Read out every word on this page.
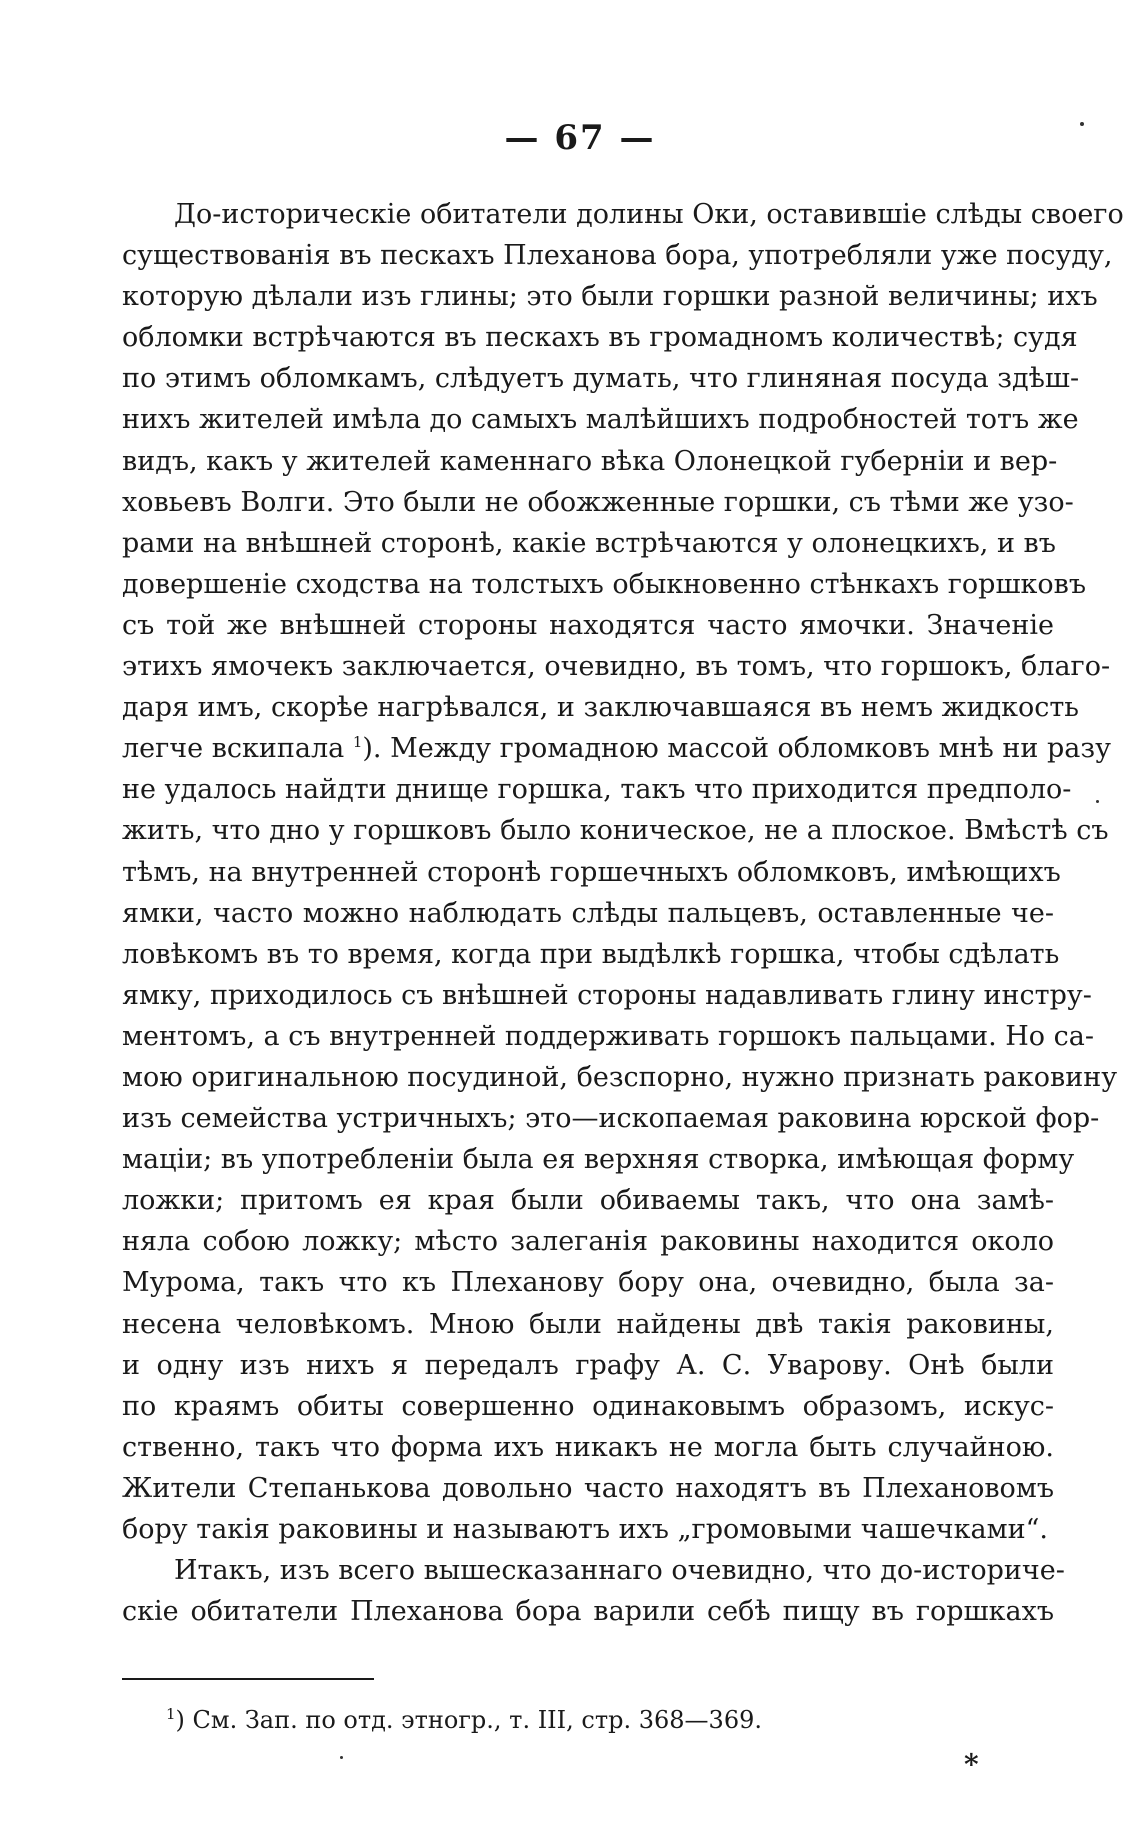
— 67 —

До-историческіе обитатели долины Оки, оставившіе слѣды своего
существованія въ пескахъ Плеханова бора, употребляли уже посуду,
которую дѣлали изъ глины; это были горшки разной величины; ихъ
обломки встрѣчаются въ пескахъ въ громадномъ количествѣ; судя
по этимъ обломкамъ, слѣдуетъ думать, что глиняная посуда здѣш-
нихъ жителей имѣла до самыхъ малѣйшихъ подробностей тотъ же
видъ, какъ у жителей каменнаго вѣка Олонецкой губерніи и вер-
ховьевъ Волги. Это были не обожженные горшки, съ тѣми же узо-
рами на внѣшней сторонѣ, какіе встрѣчаются у олонецкихъ, и въ
довершеніе сходства на толстыхъ обыкновенно стѣнкахъ горшковъ
съ той же внѣшней стороны находятся часто ямочки. Значеніе
этихъ ямочекъ заключается, очевидно, въ томъ, что горшокъ, благо-
даря имъ, скорѣе нагрѣвался, и заключавшаяся въ немъ жидкость
легче вскипала $^1$). Между громадною массой обломковъ мнѣ ни разу
не удалось найдти днище горшка, такъ что приходится предполо-
жить, что дно у горшковъ было коническое, не а плоское. Вмѣстѣ съ
тѣмъ, на внутренней сторонѣ горшечныхъ обломковъ, имѣющихъ
ямки, часто можно наблюдать слѣды пальцевъ, оставленные че-
ловѣкомъ въ то время, когда при выдѣлкѣ горшка, чтобы сдѣлать
ямку, приходилось съ внѣшней стороны надавливать глину инстру-
ментомъ, а съ внутренней поддерживать горшокъ пальцами. Но са-
мою оригинальною посудиной, безспорно, нужно признать раковину
изъ семейства устричныхъ; это—ископаемая раковина юрской фор-
маціи; въ употребленіи была ея верхняя створка, имѣющая форму
ложки; притомъ ея края были обиваемы такъ, что она замѣ-
няла собою ложку; мѣсто залеганія раковины находится около
Мурома, такъ что къ Плеханову бору она, очевидно, была за-
несена человѣкомъ. Мною были найдены двѣ такія раковины,
и одну изъ нихъ я передалъ графу А. С. Уварову. Онѣ были
по краямъ обиты совершенно одинаковымъ образомъ, искус-
ственно, такъ что форма ихъ никакъ не могла быть случайною.
Жители Степанькова довольно часто находятъ въ Плехановомъ
бору такія раковины и называютъ ихъ „громовыми чашечками“.

Итакъ, изъ всего вышесказаннаго очевидно, что до-историче-
скіе обитатели Плеханова бора варили себѣ пищу въ горшкахъ

$^1$) См. Зап. по отд. этногр., т. III, стр. 368—369.
*
